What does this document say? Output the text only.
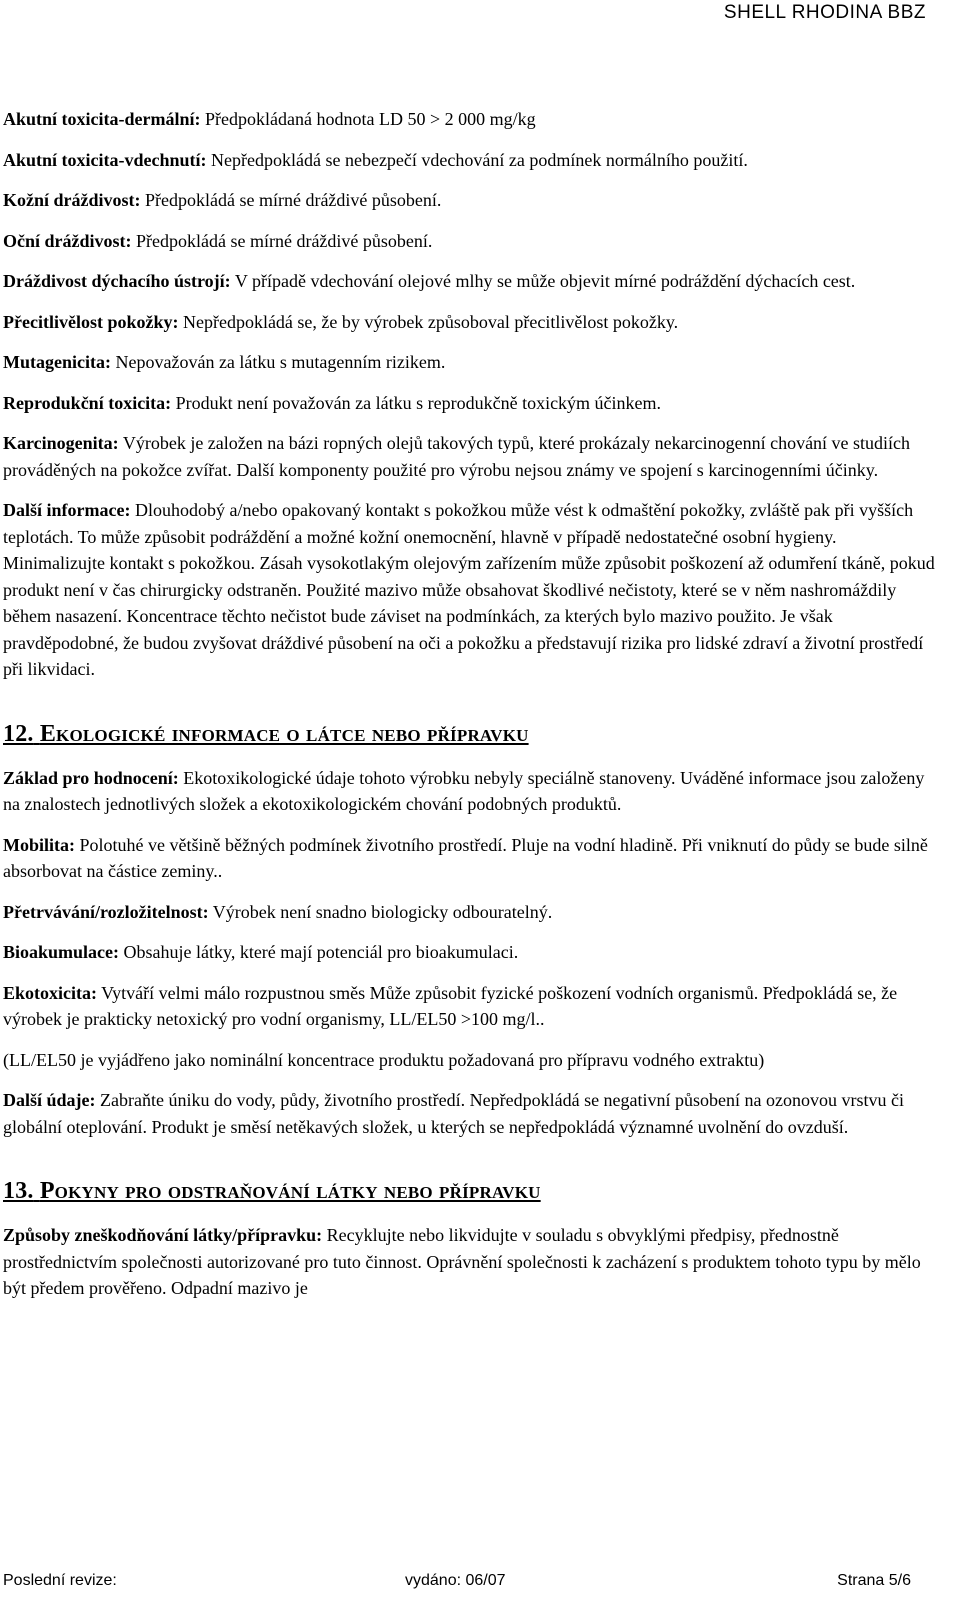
SHELL RHODINA BBZ

Akutní toxicita-dermální: Předpokládaná hodnota LD 50 > 2 000 mg/kg

Akutní toxicita-vdechnutí: Nepředpokládá se nebezpečí vdechování za podmínek normálního použití.

Kožní dráždivost: Předpokládá se mírné dráždivé působení.

Oční dráždivost: Předpokládá se mírné dráždivé působení.

Dráždivost dýchacího ústrojí: V případě vdechování olejové mlhy se může objevit mírné podráždění dýchacích cest.

Přecitlivělost pokožky: Nepředpokládá se, že by výrobek způsoboval přecitlivělost pokožky.

Mutagenicita: Nepovažován za látku s mutagenním rizikem.

Reprodukční toxicita: Produkt není považován za látku s reprodukčně toxickým účinkem.

Karcinogenita: Výrobek je založen na bázi ropných olejů takových typů, které prokázaly nekarcinogenní chování ve studiích prováděných na pokožce zvířat. Další komponenty použité pro výrobu nejsou známy ve spojení s karcinogenními účinky.

Další informace: Dlouhodobý a/nebo opakovaný kontakt s pokožkou může vést k odmaštění pokožky, zvláště pak při vyšších teplotách. To může způsobit podráždění a možné kožní onemocnění, hlavně v případě nedostatečné osobní hygieny. Minimalizujte kontakt s pokožkou. Zásah vysokotlakým olejovým zařízením může způsobit poškození až odumření tkáně, pokud produkt není v čas chirurgicky odstraněn. Použité mazivo může obsahovat škodlivé nečistoty, které se v něm nashromáždily během nasazení. Koncentrace těchto nečistot bude záviset na podmínkách, za kterých bylo mazivo použito. Je však pravděpodobné, že budou zvyšovat dráždivé působení na oči a pokožku a představují rizika pro lidské zdraví a životní prostředí při likvidaci.

12. Ekologické informace o látce nebo přípravku

Základ pro hodnocení: Ekotoxikologické údaje tohoto výrobku nebyly speciálně stanoveny. Uváděné informace jsou založeny na znalostech jednotlivých složek a ekotoxikologickém chování podobných produktů.

Mobilita: Polotuhé ve většině běžných podmínek životního prostředí. Pluje na vodní hladině. Při vniknutí do půdy se bude silně absorbovat na částice zeminy..

Přetrvávání/rozložitelnost: Výrobek není snadno biologicky odbouratelný.

Bioakumulace: Obsahuje látky, které mají potenciál pro bioakumulaci.

Ekotoxicita: Vytváří velmi málo rozpustnou směs Může způsobit fyzické poškození vodních organismů. Předpokládá se, že výrobek je prakticky netoxický pro vodní organismy, LL/EL50 >100 mg/l..

(LL/EL50 je vyjádřeno jako nominální koncentrace produktu požadovaná pro přípravu vodného extraktu)

Další údaje: Zabraňte úniku do vody, půdy, životního prostředí. Nepředpokládá se negativní působení na ozonovou vrstvu či globální oteplování. Produkt je směsí netěkavých složek, u kterých se nepředpokládá významné uvolnění do ovzduší.

13. Pokyny pro odstraňování látky nebo přípravku

Způsoby zneškodňování látky/přípravku: Recyklujte nebo likvidujte v souladu s obvyklými předpisy, přednostně prostřednictvím společnosti autorizované pro tuto činnost. Oprávnění společnosti k zacházení s produktem tohoto typu by mělo být předem prověřeno. Odpadní mazivo je

Poslední revize:	vydáno: 06/07	Strana 5/6
